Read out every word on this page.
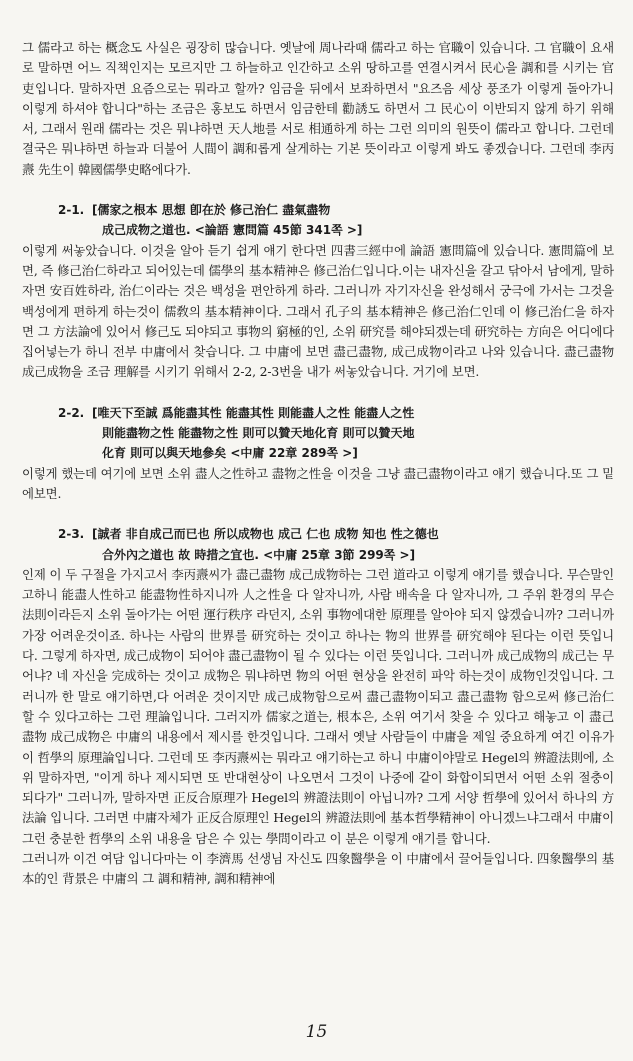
그 儒라고 하는 概念도 사실은 굉장히 많습니다. 옛날에 周나라때 儒라고 하는 官職이 있습니다. 그 官職이 요새로 말하면 어느 직책인지는 모르지만 그 하늘하고 인간하고 소위 땅하고를 연결시켜서 民心을 調和를 시키는 官吏입니다. 말하자면 요즘으로는 뭐라고 할까? 임금을 뒤에서 보좌하면서 "요즈음 세상 풍조가 이렇게 돌아가니 이렇게 하셔야 합니다"하는 조금은 홍보도 하면서 임금한테 勸誘도 하면서 그 民心이 이반되지 않게 하기 위해서, 그래서 원래 儒라는 것은 뭐냐하면 天人地를 서로 相通하게 하는 그런 의미의 원뜻이 儒라고 합니다. 그런데 결국은 뭐냐하면 하늘과 더불어 人間이 調和롭게 살게하는 기본 뜻이라고 이렇게 봐도 좋겠습니다. 그런데 李丙燾 先生이 韓國儒學史略에다가.

2-1. [儒家之根本 思想 卽在於 修己治仁 盡氣盡物
成己成物之道也. <論語 憲問篇 45節 341쪽 >]

이렇게 써놓았습니다. 이것을 알아 듣기 쉽게 얘기 한다면 四書三經中에 論語 憲問篇에 있습니다. 憲問篇에 보면, 즉 修己治仁하라고 되어있는데 儒學의 基本精神은 修己治仁입니다.이는 내자신을 갈고 닦아서 남에게, 말하자면 安百姓하라, 治仁이라는 것은 백성을 편안하게 하라. 그러니까 자기자신을 완성해서 궁극에 가서는 그것을 백성에게 편하게 하는것이 儒敎의 基本精神이다. 그래서 孔子의 基本精神은 修己治仁인데 이 修己治仁을 하자면 그 方法論에 있어서 修己도 되야되고 事物의 窮極的인, 소위 研究를 해야되겠는데 研究하는 方向은 어디에다 집어넣는가 하니 전부 中庸에서 찾습니다. 그 中庸에 보면 盡己盡物, 成己成物이라고 나와 있습니다. 盡己盡物 成己成物을 조금 理解를 시키기 위해서 2-2, 2-3번을 내가 써놓았습니다. 거기에 보면.

2-2. [唯天下至誠 爲能盡其性 能盡其性 則能盡人之性 能盡人之性
則能盡物之性 能盡物之性 則可以贊天地化育 則可以贊天地
化育 則可以與天地參矣 <中庸 22章 289쪽 >]

이렇게 했는데 여기에 보면 소위 盡人之性하고 盡物之性을 이것을 그냥 盡己盡物이라고 얘기 했습니다.또 그 밑에보면.

2-3. [誠者 非自成己而已也 所以成物也 成己 仁也 成物 知也 性之德也
合外內之道也 故 時措之宜也. <中庸 25章 3節 299쪽 >]

인제 이 두 구절을 가지고서 李丙燾씨가 盡己盡物 成己成物하는 그런 道라고 이렇게 얘기를 했습니다. 무슨말인고하니 能盡人性하고 能盡物性하지니까 人之性을 다 알자니까, 사람 배속을 다 알자니까, 그 주위 환경의 무슨 法則이라든지 소위 돌아가는 어떤 運行秩序 라던지, 소위 事物에대한 原理를 알아야 되지 않겠습니까? 그러니까 가장 어려운것이죠. 하나는 사람의 世界를 研究하는 것이고 하나는 物의 世界를 研究해야 된다는 이런 뜻입니다. 그렇게 하자면, 成己成物이 되어야 盡己盡物이 될 수 있다는 이런 뜻입니다. 그러니까 成己成物의 成己는 무어냐? 네 자신을 完成하는 것이고 成物은 뭐냐하면 物의 어떤 현상을 완전히 파악 하는것이 成物인것입니다. 그러니까 한 말로 얘기하면,다 어려운 것이지만 成己成物함으로써 盡己盡物이되고 盡己盡物 함으로써 修己治仁 할 수 있다고하는 그런 理論입니다. 그러지까 儒家之道는, 根本은, 소위 여기서 찾을 수 있다고 해놓고 이 盡己盡物 成己成物은 中庸의 내용에서 제시를 한것입니다. 그래서 옛날 사람들이 中庸을 제일 중요하게 여긴 이유가 이 哲學의 原理論입니다. 그런데 또 李丙燾씨는 뭐라고 얘기하는고 하니 中庸이야말로 Hegel의 辨證法則에, 소위 말하자면, "이게 하나 제시되면 또 반대현상이 나오면서 그것이 나중에 같이 화합이되면서 어떤 소위 절충이 되다가" 그러니까, 말하자면 正反合原理가 Hegel의 辨證法則이 아닙니까? 그게 서양 哲學에 있어서 하나의 方法論 입니다. 그러면 中庸자체가 正反合原理인 Hegel의 辨證法則에 基本哲學精神이 아니겠느냐그래서 中庸이 그런 충분한 哲學의 소위 내용을 담은 수 있는 學問이라고 이 분은 이렇게 얘기를 합니다.

그러니까 이건 여담 입니다마는 이 李濟馬 선생님 자신도 四象醫學을 이 中庸에서 끌어들입니다. 四象醫學의 基本的인 背景은 中庸의 그 調和精神, 調和精神에

15
